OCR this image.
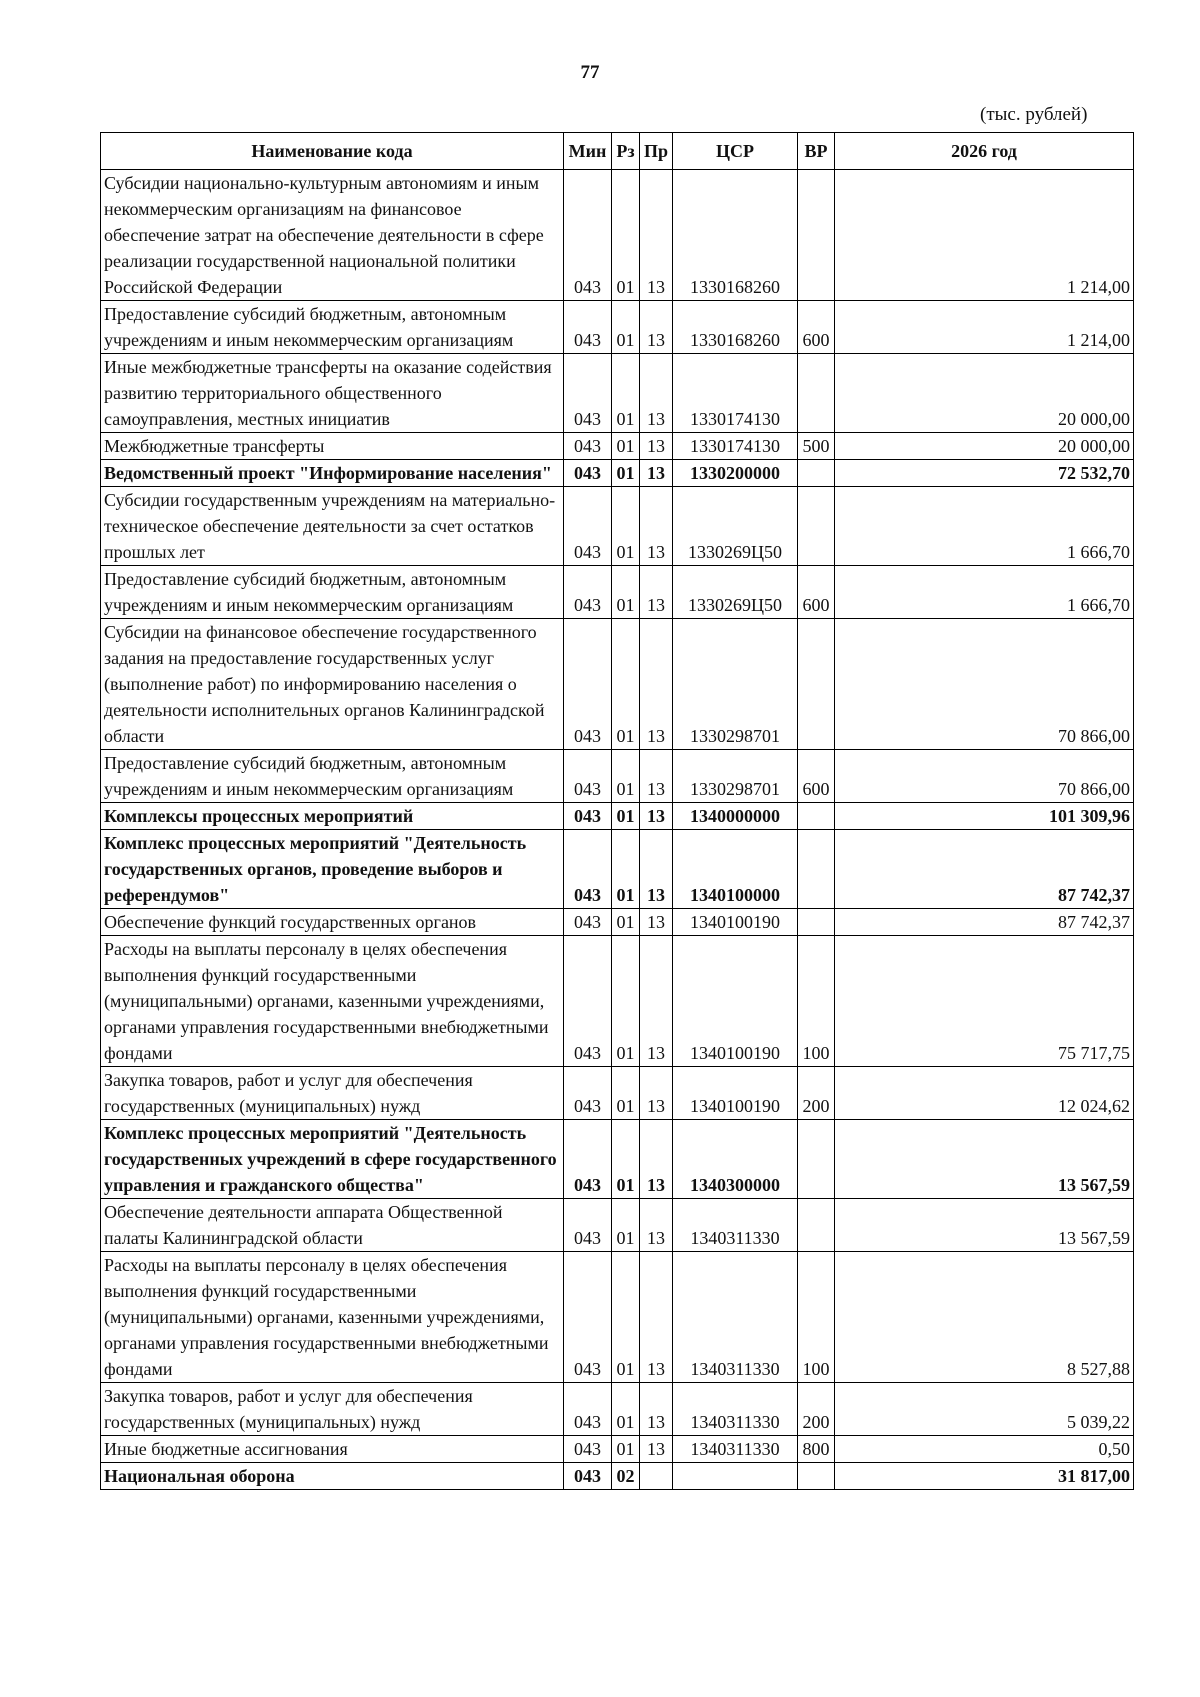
77
(тыс. рублей)
Наименование кода	Мин	Рз	Пр	ЦСР	ВР	2026 год
Субсидии национально-культурным автономиям и иным некоммерческим организациям на финансовое обеспечение затрат на обеспечение деятельности в сфере реализации государственной национальной политики Российской Федерации	043	01	13	1330168260		1 214,00
Предоставление субсидий бюджетным, автономным учреждениям и иным некоммерческим организациям	043	01	13	1330168260	600	1 214,00
Иные межбюджетные трансферты на оказание содействия развитию территориального общественного самоуправления, местных инициатив	043	01	13	1330174130		20 000,00
Межбюджетные трансферты	043	01	13	1330174130	500	20 000,00
Ведомственный проект "Информирование населения"	043	01	13	1330200000		72 532,70
Субсидии государственным учреждениям на материально-техническое обеспечение деятельности за счет остатков прошлых лет	043	01	13	1330269Ц50		1 666,70
Предоставление субсидий бюджетным, автономным учреждениям и иным некоммерческим организациям	043	01	13	1330269Ц50	600	1 666,70
Субсидии на финансовое обеспечение государственного задания на предоставление государственных услуг (выполнение работ) по информированию населения о деятельности исполнительных органов Калининградской области	043	01	13	1330298701		70 866,00
Предоставление субсидий бюджетным, автономным учреждениям и иным некоммерческим организациям	043	01	13	1330298701	600	70 866,00
Комплексы процессных мероприятий	043	01	13	1340000000		101 309,96
Комплекс процессных мероприятий "Деятельность государственных органов, проведение выборов и референдумов"	043	01	13	1340100000		87 742,37
Обеспечение функций государственных органов	043	01	13	1340100190		87 742,37
Расходы на выплаты персоналу в целях обеспечения выполнения функций государственными (муниципальными) органами, казенными учреждениями, органами управления государственными внебюджетными фондами	043	01	13	1340100190	100	75 717,75
Закупка товаров, работ и услуг для обеспечения государственных (муниципальных) нужд	043	01	13	1340100190	200	12 024,62
Комплекс процессных мероприятий "Деятельность государственных учреждений в сфере государственного управления и гражданского общества"	043	01	13	1340300000		13 567,59
Обеспечение деятельности аппарата Общественной палаты Калининградской области	043	01	13	1340311330		13 567,59
Расходы на выплаты персоналу в целях обеспечения выполнения функций государственными (муниципальными) органами, казенными учреждениями, органами управления государственными внебюджетными фондами	043	01	13	1340311330	100	8 527,88
Закупка товаров, работ и услуг для обеспечения государственных (муниципальных) нужд	043	01	13	1340311330	200	5 039,22
Иные бюджетные ассигнования	043	01	13	1340311330	800	0,50
Национальная оборона	043	02				31 817,00
